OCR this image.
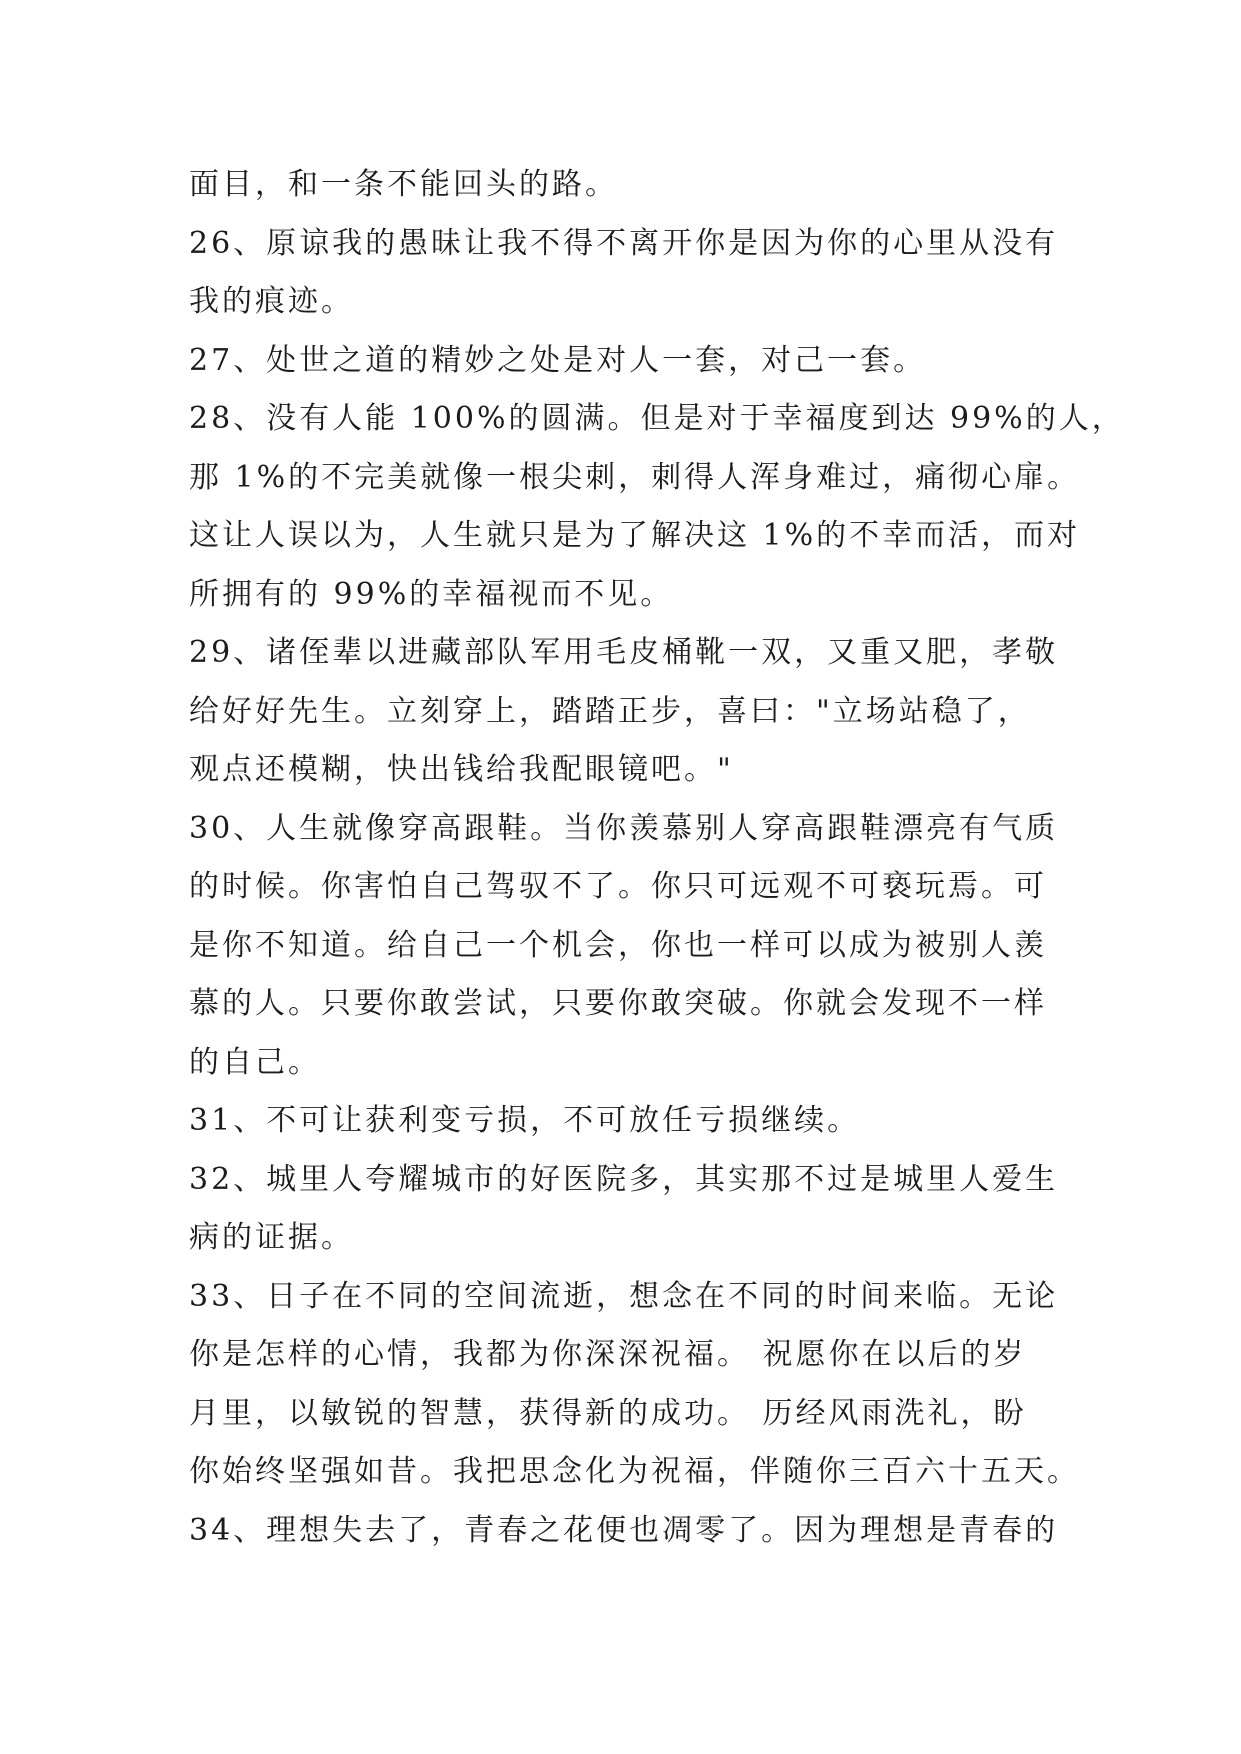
面目，和一条不能回头的路。
26、原谅我的愚昧让我不得不离开你是因为你的心里从没有
我的痕迹。
27、处世之道的精妙之处是对人一套，对己一套。
28、没有人能 100%的圆满。但是对于幸福度到达 99%的人，
那 1%的不完美就像一根尖刺，刺得人浑身难过，痛彻心扉。
这让人误以为，人生就只是为了解决这 1%的不幸而活，而对
所拥有的 99%的幸福视而不见。
29、诸侄辈以进藏部队军用毛皮桶靴一双，又重又肥，孝敬
给好好先生。立刻穿上，踏踏正步，喜曰："立场站稳了，
观点还模糊，快出钱给我配眼镜吧。"
30、人生就像穿高跟鞋。当你羡慕别人穿高跟鞋漂亮有气质
的时候。你害怕自己驾驭不了。你只可远观不可亵玩焉。可
是你不知道。给自己一个机会，你也一样可以成为被别人羡
慕的人。只要你敢尝试，只要你敢突破。你就会发现不一样
的自己。
31、不可让获利变亏损，不可放任亏损继续。
32、城里人夸耀城市的好医院多，其实那不过是城里人爱生
病的证据。
33、日子在不同的空间流逝，想念在不同的时间来临。无论
你是怎样的心情，我都为你深深祝福。 祝愿你在以后的岁
月里，以敏锐的智慧，获得新的成功。 历经风雨洗礼，盼
你始终坚强如昔。我把思念化为祝福，伴随你三百六十五天。
34、理想失去了，青春之花便也凋零了。因为理想是青春的
